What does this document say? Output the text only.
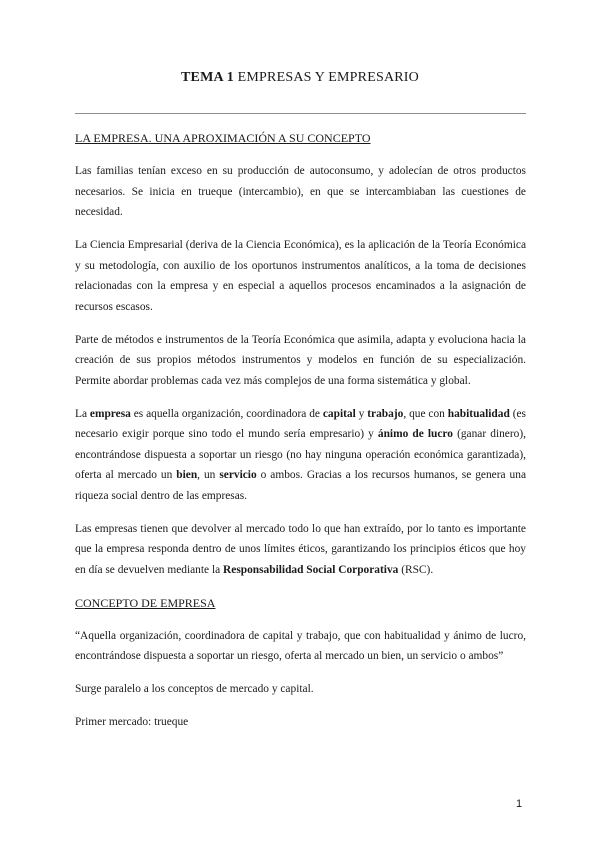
TEMA 1 EMPRESAS Y EMPRESARIO

LA EMPRESA. UNA APROXIMACIÓN A SU CONCEPTO

Las familias tenían exceso en su producción de autoconsumo, y adolecían de otros productos necesarios. Se inicia en trueque (intercambio), en que se intercambiaban las cuestiones de necesidad.

La Ciencia Empresarial (deriva de la Ciencia Económica), es la aplicación de la Teoría Económica y su metodología, con auxilio de los oportunos instrumentos analíticos, a la toma de decisiones relacionadas con la empresa y en especial a aquellos procesos encaminados a la asignación de recursos escasos.

Parte de métodos e instrumentos de la Teoría Económica que asimila, adapta y evoluciona hacia la creación de sus propios métodos instrumentos y modelos en función de su especialización. Permite abordar problemas cada vez más complejos de una forma sistemática y global.

La empresa es aquella organización, coordinadora de capital y trabajo, que con habitualidad (es necesario exigir porque sino todo el mundo sería empresario) y ánimo de lucro (ganar dinero), encontrándose dispuesta a soportar un riesgo (no hay ninguna operación económica garantizada), oferta al mercado un bien, un servicio o ambos. Gracias a los recursos humanos, se genera una riqueza social dentro de las empresas.

Las empresas tienen que devolver al mercado todo lo que han extraído, por lo tanto es importante que la empresa responda dentro de unos límites éticos, garantizando los principios éticos que hoy en día se devuelven mediante la Responsabilidad Social Corporativa (RSC).

CONCEPTO DE EMPRESA

“Aquella organización, coordinadora de capital y trabajo, que con habitualidad y ánimo de lucro, encontrándose dispuesta a soportar un riesgo, oferta al mercado un bien, un servicio o ambos”

Surge paralelo a los conceptos de mercado y capital.

Primer mercado: trueque

1
